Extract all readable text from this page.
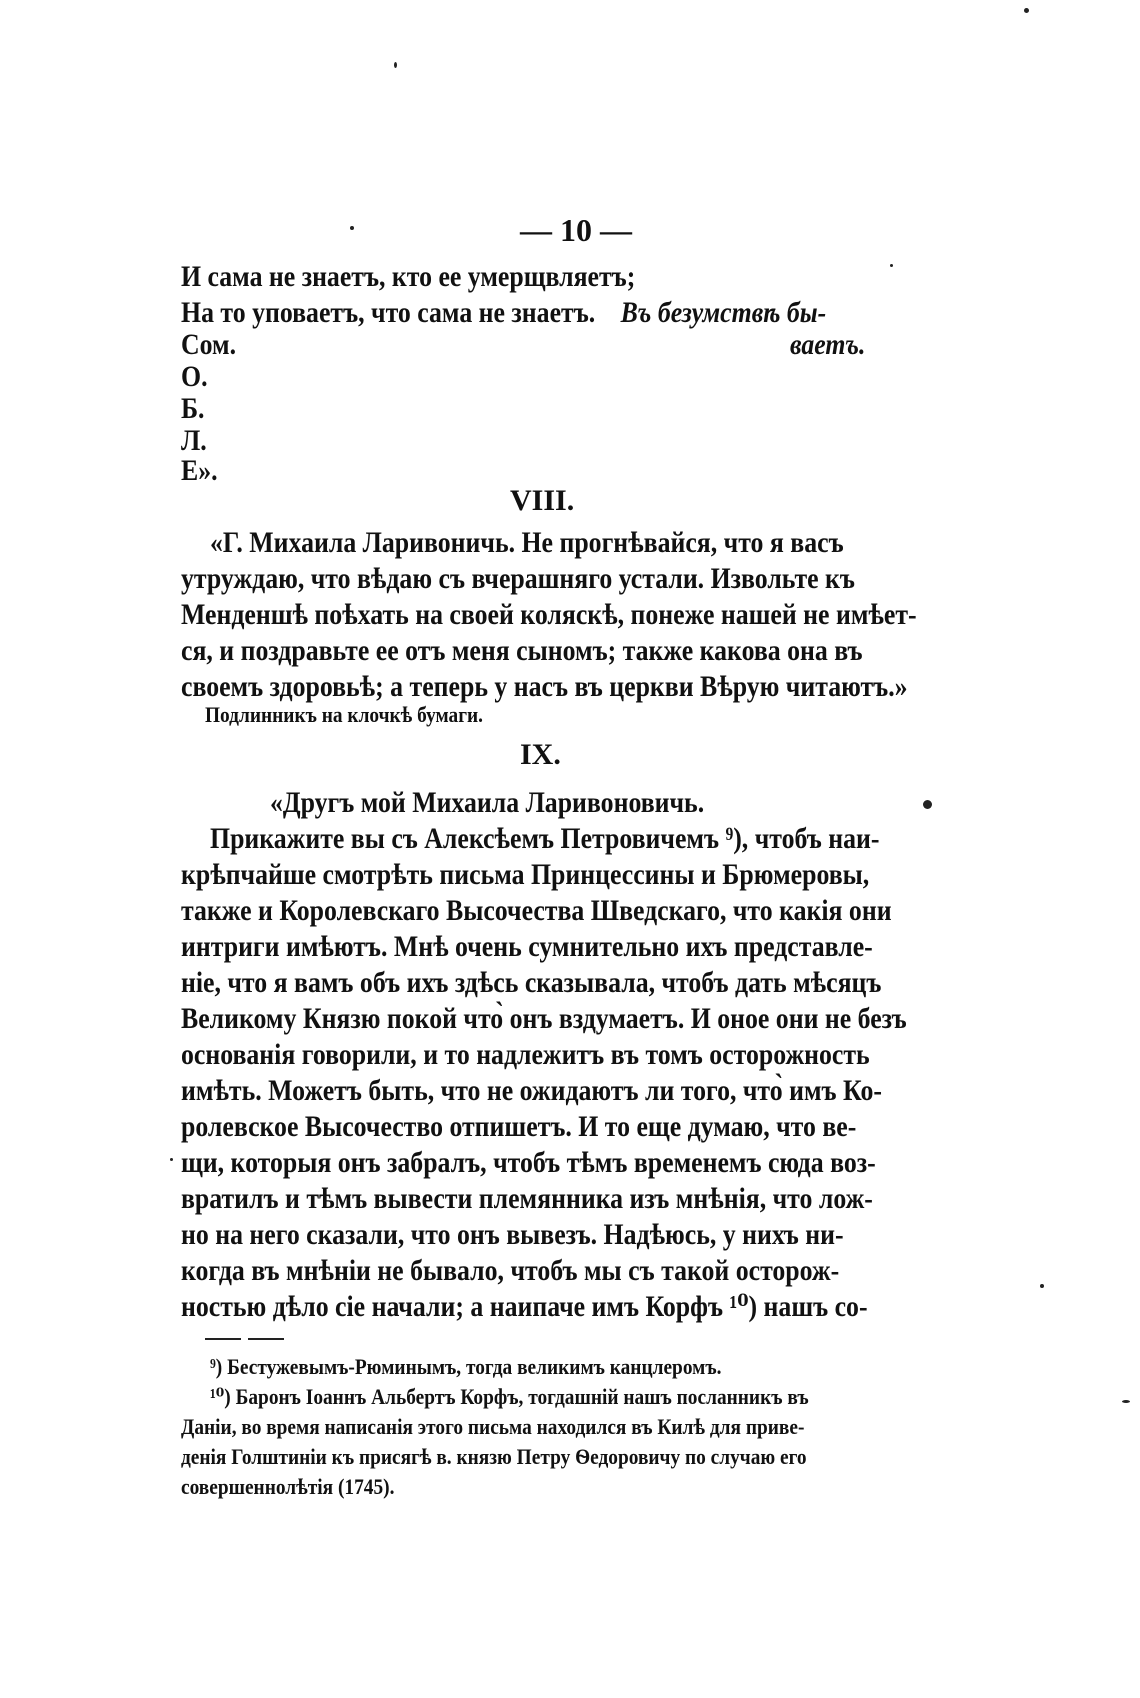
— 10 —
И сама не знаетъ, кто ее умерщвляетъ;
На то уповаетъ, что сама не знаетъ. Въ безумствѣ бы-
Сом.	ваетъ.
О.
Б.
Л.
Е».
VIII.
«Г. Михаила Ларивоничь. Не прогнѣвайся, что я васъ
утруждаю, что вѣдаю съ вчерашняго устали. Извольте къ
Менденшѣ поѣхать на своей коляскѣ, понеже нашей не имѣет-
ся, и поздравьте ее отъ меня сыномъ; также какова она въ
своемъ здоровьѣ; а теперь у насъ въ церкви Вѣрую читаютъ.»
Подлинникъ на клочкѣ бумаги.
IX.
«Другъ мой Михаила Ларивоновичь.
Прикажите вы съ Алексѣемъ Петровичемъ ⁹), чтобъ наи-
крѣпчайше смотрѣть письма Принцессины и Брюмеровы,
также и Королевскаго Высочества Шведскаго, что какія они
интриги имѣютъ. Мнѣ очень сумнительно ихъ представле-
ніе, что я вамъ объ ихъ здѣсь сказывала, чтобъ дать мѣсяцъ
Великому Князю покой что̀ онъ вздумаетъ. И оное они не безъ
основанія говорили, и то надлежитъ въ томъ осторожность
имѣть. Можетъ быть, что не ожидаютъ ли того, что̀ имъ Ко-
ролевское Высочество отпишетъ. И то еще думаю, что ве-
щи, которыя онъ забралъ, чтобъ тѣмъ временемъ сюда воз-
вратилъ и тѣмъ вывести племянника изъ мнѣнія, что лож-
но на него сказали, что онъ вывезъ. Надѣюсь, у нихъ ни-
когда въ мнѣніи не бывало, чтобъ мы съ такой осторож-
ностью дѣло сіе начали; а наипаче имъ Корфъ ¹⁰) нашъ со-
⁹) Бестужевымъ-Рюминымъ, тогда великимъ канцлеромъ.
¹⁰) Баронъ Іоаннъ Альбертъ Корфъ, тогдашній нашъ посланникъ въ
Даніи, во время написанія этого письма находился въ Килѣ для приве-
денія Голштиніи къ присягѣ в. князю Петру Ѳедоровичу по случаю его
совершеннолѣтія (1745).
